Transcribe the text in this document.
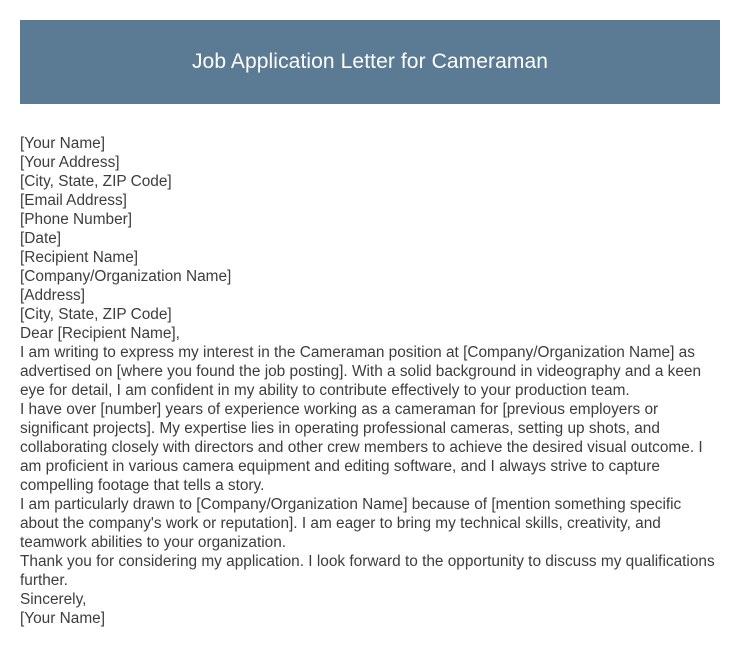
Job Application Letter for Cameraman

[Your Name]

[Your Address]

[City, State, ZIP Code]

[Email Address]

[Phone Number]

[Date]

[Recipient Name]

[Company/Organization Name]

[Address]

[City, State, ZIP Code]

Dear [Recipient Name],

I am writing to express my interest in the Cameraman position at [Company/Organization Name] as advertised on [where you found the job posting]. With a solid background in videography and a keen eye for detail, I am confident in my ability to contribute effectively to your production team.

I have over [number] years of experience working as a cameraman for [previous employers or significant projects]. My expertise lies in operating professional cameras, setting up shots, and collaborating closely with directors and other crew members to achieve the desired visual outcome. I am proficient in various camera equipment and editing software, and I always strive to capture compelling footage that tells a story.

I am particularly drawn to [Company/Organization Name] because of [mention something specific about the company's work or reputation]. I am eager to bring my technical skills, creativity, and teamwork abilities to your organization.

Thank you for considering my application. I look forward to the opportunity to discuss my qualifications further.

Sincerely,

[Your Name]
